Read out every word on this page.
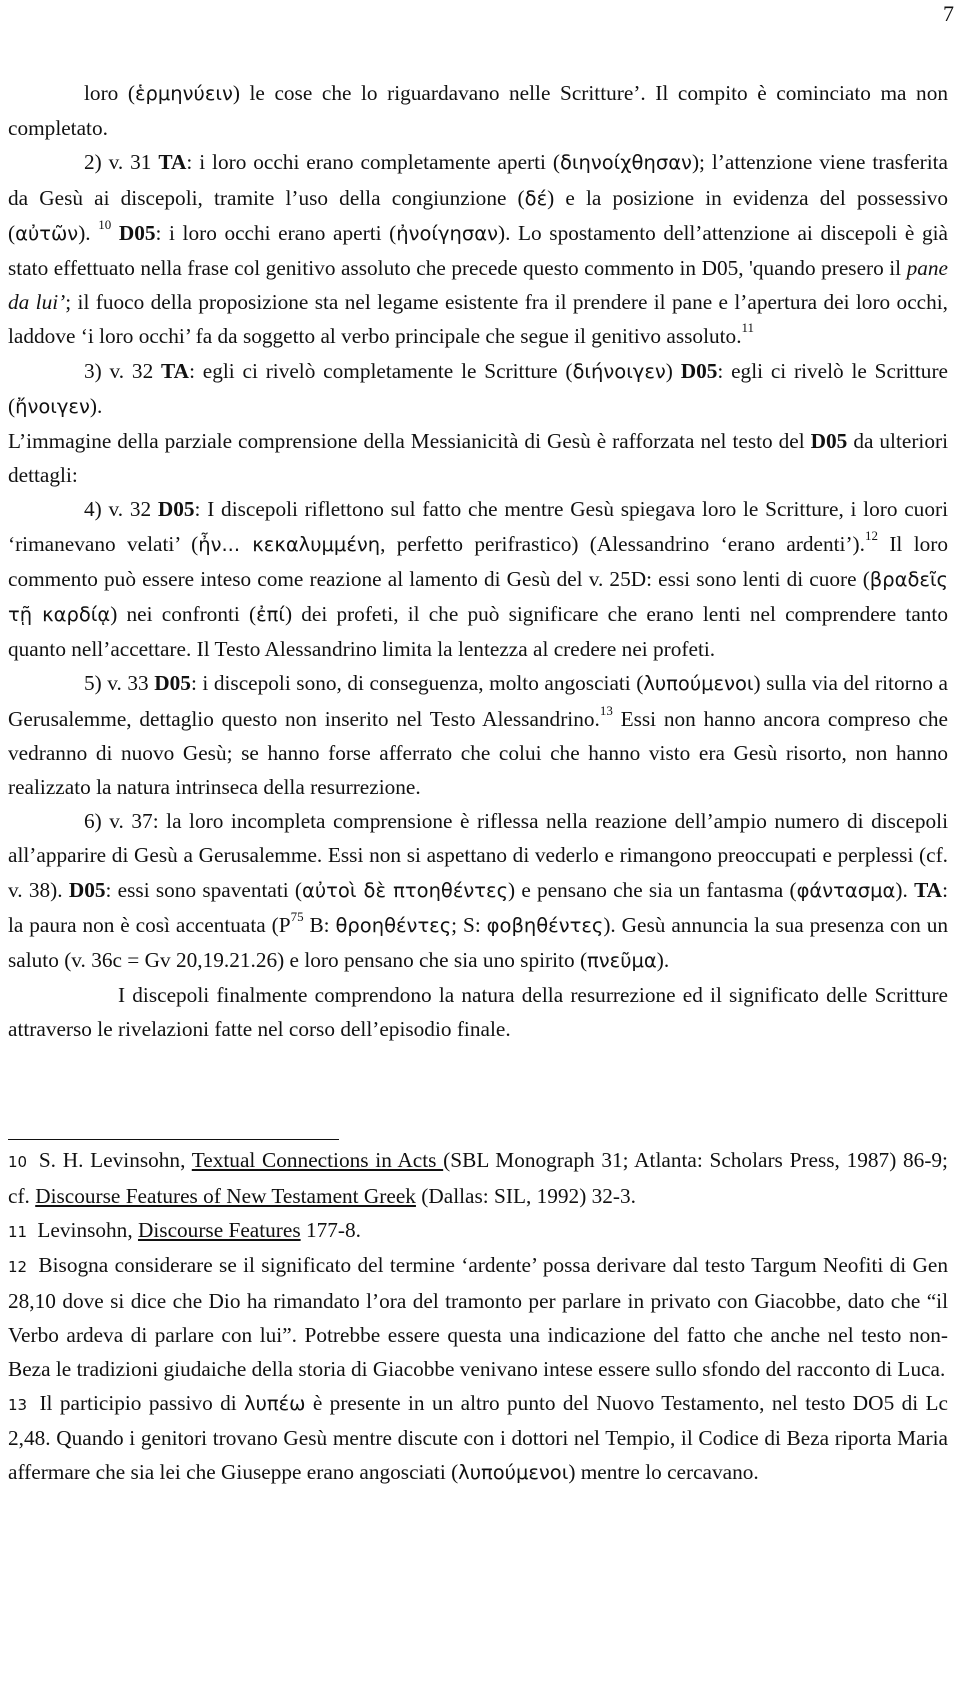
7

loro (ἑρμηνύειν) le cose che lo riguardavano nelle Scritture’. Il compito è cominciato ma non completato.

2) v. 31 TA: i loro occhi erano completamente aperti (διηνοίχθησαν); l’attenzione viene trasferita da Gesù ai discepoli, tramite l’uso della congiunzione (δέ) e la posizione in evidenza del possessivo (αὐτῶν). $^{10}$ D05: i loro occhi erano aperti (ἠνοίγησαν). Lo spostamento dell’attenzione ai discepoli è già stato effettuato nella frase col genitivo assoluto che precede questo commento in D05, 'quando presero il pane da lui’; il fuoco della proposizione sta nel legame esistente fra il prendere il pane e l’apertura dei loro occhi, laddove ‘i loro occhi’ fa da soggetto al verbo principale che segue il genitivo assoluto.$^{11}$

3) v. 32 TA: egli ci rivelò completamente le Scritture (διήνοιγεν) D05: egli ci rivelò le Scritture (ἤνοιγεν).

L’immagine della parziale comprensione della Messianicità di Gesù è rafforzata nel testo del D05 da ulteriori dettagli:

4) v. 32 D05: I discepoli riflettono sul fatto che mentre Gesù spiegava loro le Scritture, i loro cuori ‘rimanevano velati’ (ἦν... κεκαλυμμένη, perfetto perifrastico) (Alessandrino ‘erano ardenti’).$^{12}$ Il loro commento può essere inteso come reazione al lamento di Gesù del v. 25D: essi sono lenti di cuore (βραδεῖς τῇ καρδίᾳ) nei confronti (ἐπί) dei profeti, il che può significare che erano lenti nel comprendere tanto quanto nell’accettare. Il Testo Alessandrino limita la lentezza al credere nei profeti.

5) v. 33 D05: i discepoli sono, di conseguenza, molto angosciati (λυπούμενοι) sulla via del ritorno a Gerusalemme, dettaglio questo non inserito nel Testo Alessandrino.$^{13}$ Essi non hanno ancora compreso che vedranno di nuovo Gesù; se hanno forse afferrato che colui che hanno visto era Gesù risorto, non hanno realizzato la natura intrinseca della resurrezione.

6) v. 37: la loro incompleta comprensione è riflessa nella reazione dell’ampio numero di discepoli all’apparire di Gesù a Gerusalemme. Essi non si aspettano di vederlo e rimangono preoccupati e perplessi (cf. v. 38). D05: essi sono spaventati (αὐτοὶ δὲ πτοηθέντες) e pensano che sia un fantasma (φάντασμα). TA: la paura non è così accentuata ($P^{75}$ B: θροηθέντες; S: φοβηθέντες). Gesù annuncia la sua presenza con un saluto (v. 36c = Gv 20,19.21.26) e loro pensano che sia uno spirito (πνεῦμα).

I discepoli finalmente comprendono la natura della resurrezione ed il significato delle Scritture attraverso le rivelazioni fatte nel corso dell’episodio finale.

10 S. H. Levinsohn, Textual Connections in Acts (SBL Monograph 31; Atlanta: Scholars Press, 1987) 86-9; cf. Discourse Features of New Testament Greek (Dallas: SIL, 1992) 32-3.

11 Levinsohn, Discourse Features 177-8.

12 Bisogna considerare se il significato del termine ‘ardente’ possa derivare dal testo Targum Neofiti di Gen 28,10 dove si dice che Dio ha rimandato l’ora del tramonto per parlare in privato con Giacobbe, dato che “il Verbo ardeva di parlare con lui”. Potrebbe essere questa una indicazione del fatto che anche nel testo non-Beza le tradizioni giudaiche della storia di Giacobbe venivano intese essere sullo sfondo del racconto di Luca.

13 Il participio passivo di λυπέω è presente in un altro punto del Nuovo Testamento, nel testo DO5 di Lc 2,48. Quando i genitori trovano Gesù mentre discute con i dottori nel Tempio, il Codice di Beza riporta Maria affermare che sia lei che Giuseppe erano angosciati (λυπούμενοι) mentre lo cercavano.
